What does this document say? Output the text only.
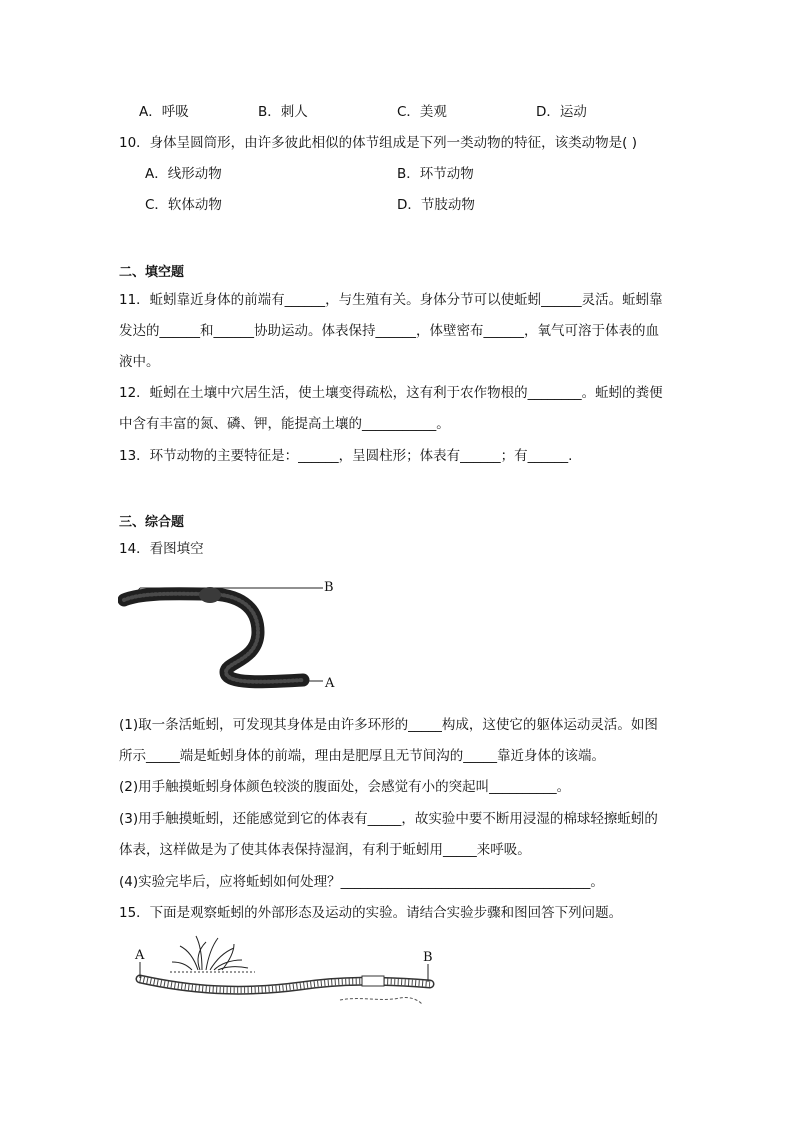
A．呼吸	B．刺人	C．美观	D．运动
10．身体呈圆筒形，由许多彼此相似的体节组成是下列一类动物的特征，该类动物是( )
A．线形动物	B．环节动物
C．软体动物	D．节肢动物
二、填空题
11．蚯蚓靠近身体的前端有______，与生殖有关。身体分节可以使蚯蚓______灵活。蚯蚓靠
发达的______和______协助运动。体表保持______，体壁密布______，氧气可溶于体表的血
液中。
12．蚯蚓在土壤中穴居生活，使土壤变得疏松，这有利于农作物根的________。蚯蚓的粪便
中含有丰富的氮、磷、钾，能提高土壤的___________。
13．环节动物的主要特征是：______，呈圆柱形；体表有______；有______.
三、综合题
14．看图填空
B
A
(1)取一条活蚯蚓，可发现其身体是由许多环形的_____构成，这使它的躯体运动灵活。如图
所示_____端是蚯蚓身体的前端，理由是肥厚且无节间沟的_____靠近身体的该端。
(2)用手触摸蚯蚓身体颜色较淡的腹面处，会感觉有小的突起叫__________。
(3)用手触摸蚯蚓，还能感觉到它的体表有_____，故实验中要不断用浸湿的棉球轻擦蚯蚓的
体表，这样做是为了使其体表保持湿润，有利于蚯蚓用_____来呼吸。
(4)实验完毕后，应将蚯蚓如何处理？_____________________________________。
15．下面是观察蚯蚓的外部形态及运动的实验。请结合实验步骤和图回答下列问题。
A	B
